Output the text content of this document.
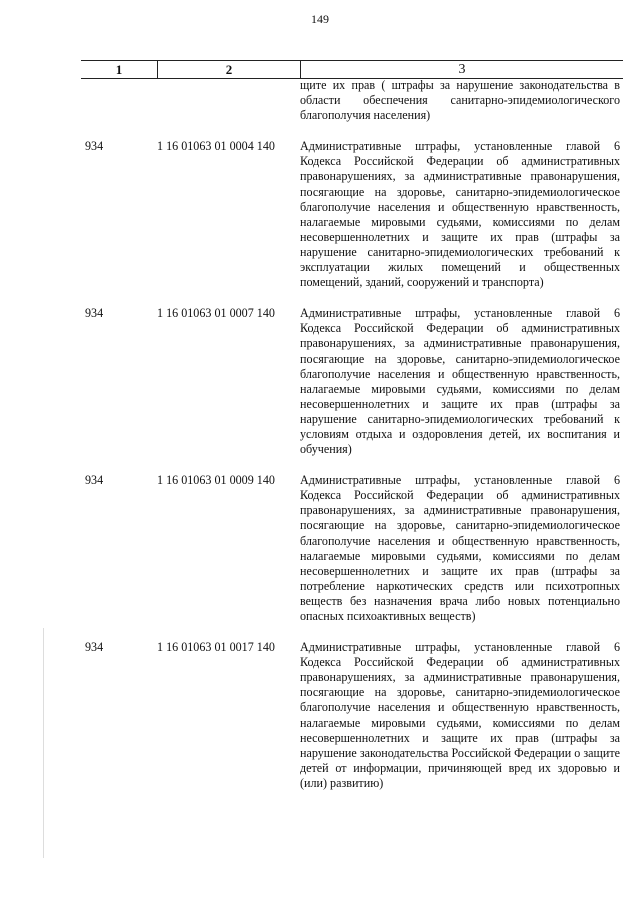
149
1	2	3
щите их прав ( штрафы за нарушение законодательства в области обеспечения санитарно-эпидемиологического благополучия населения)
934	1 16 01063 01 0004 140	Административные штрафы, установленные главой 6 Кодекса Российской Федерации об административных правонарушениях, за административные правонарушения, посягающие на здоровье, санитарно-эпидемиологическое благополучие населения и общественную нравственность, налагаемые мировыми судьями, комиссиями по делам несовершеннолетних и защите их прав (штрафы за нарушение санитарно-эпидемиологических требований к эксплуатации жилых помещений и общественных помещений, зданий, сооружений и транспорта)
934	1 16 01063 01 0007 140	Административные штрафы, установленные главой 6 Кодекса Российской Федерации об административных правонарушениях, за административные правонарушения, посягающие на здоровье, санитарно-эпидемиологическое благополучие населения и общественную нравственность, налагаемые мировыми судьями, комиссиями по делам несовершеннолетних и защите их прав (штрафы за нарушение санитарно-эпидемиологических требований к условиям отдыха и оздоровления детей, их воспитания и обучения)
934	1 16 01063 01 0009 140	Административные штрафы, установленные главой 6 Кодекса Российской Федерации об административных правонарушениях, за административные правонарушения, посягающие на здоровье, санитарно-эпидемиологическое благополучие населения и общественную нравственность, налагаемые мировыми судьями, комиссиями по делам несовершеннолетних и защите их прав (штрафы за потребление наркотических средств или психотропных веществ без назначения врача либо новых потенциально опасных психоактивных веществ)
934	1 16 01063 01 0017 140	Административные штрафы, установленные главой 6 Кодекса Российской Федерации об административных правонарушениях, за административные правонарушения, посягающие на здоровье, санитарно-эпидемиологическое благополучие населения и общественную нравственность, налагаемые мировыми судьями, комиссиями по делам несовершеннолетних и защите их прав (штрафы за нарушение законодательства Российской Федерации о защите детей от информации, причиняющей вред их здоровью и (или) развитию)
